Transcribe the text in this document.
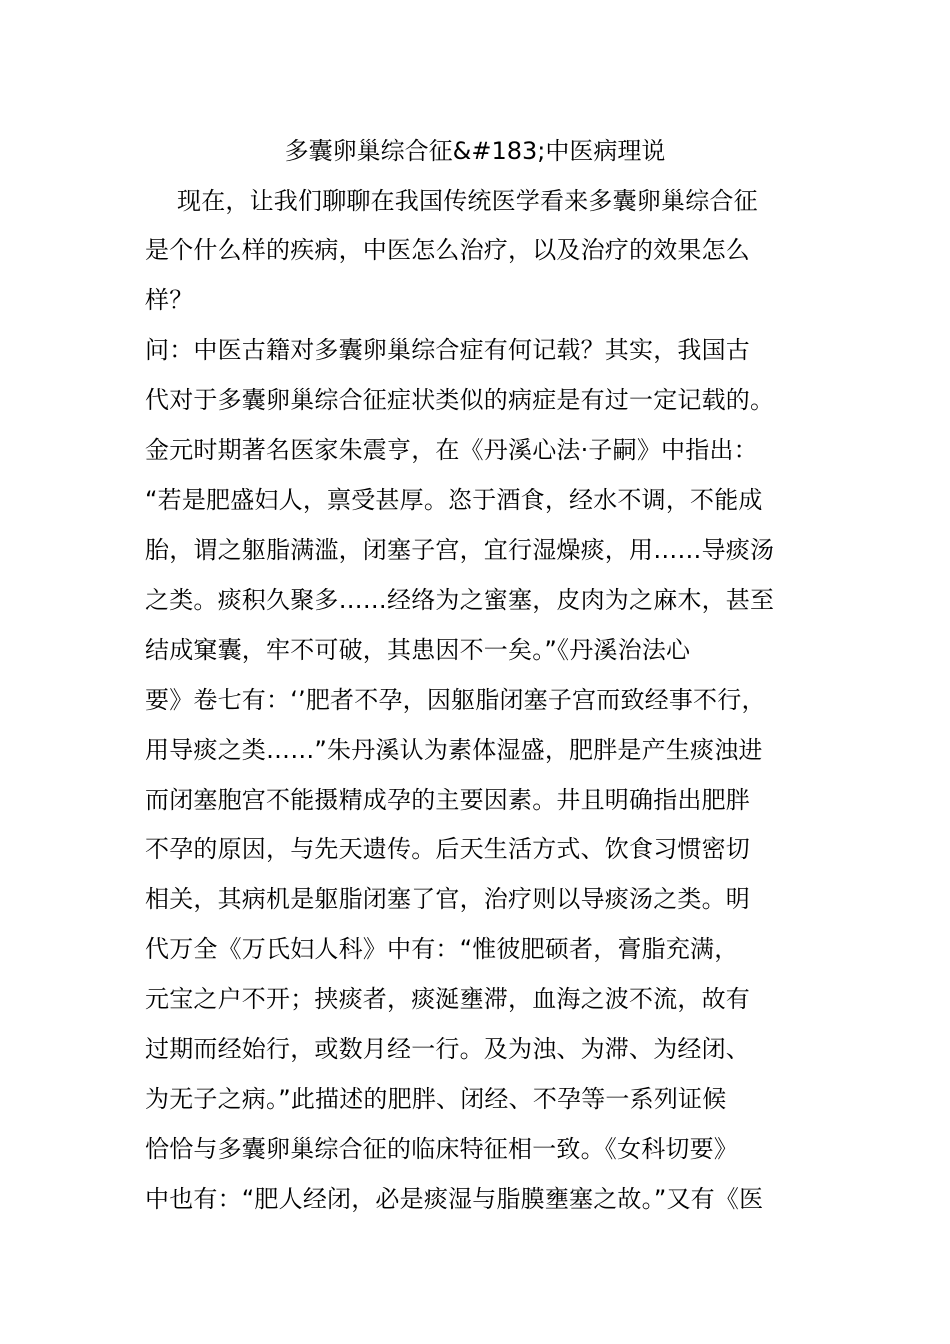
多囊卵巢综合征&#183;中医病理说
现在，让我们聊聊在我国传统医学看来多囊卵巢综合征
是个什么样的疾病，中医怎么治疗，以及治疗的效果怎么
样？
问：中医古籍对多囊卵巢综合症有何记载？其实，我国古
代对于多囊卵巢综合征症状类似的病症是有过一定记载的。
金元时期著名医家朱震亨，在《丹溪心法·子嗣》中指出：
“若是肥盛妇人，禀受甚厚。恣于酒食，经水不调，不能成
胎，谓之躯脂满滥，闭塞子宫，宜行湿燥痰，用……导痰汤
之类。痰积久聚多……经络为之蜜塞，皮肉为之麻木，甚至
结成窠囊，牢不可破，其患因不一矣。”《丹溪治法心
要》卷七有：‘’肥者不孕，因躯脂闭塞子宫而致经事不行，
用导痰之类……”朱丹溪认为素体湿盛，肥胖是产生痰浊进
而闭塞胞宫不能摄精成孕的主要因素。井且明确指出肥胖
不孕的原因，与先天遗传。后天生活方式、饮食习惯密切
相关，其病机是躯脂闭塞了官，治疗则以导痰汤之类。明
代万全《万氏妇人科》中有：“惟彼肥硕者，膏脂充满，
元宝之户不开；挟痰者，痰涎壅滞，血海之波不流，故有
过期而经始行，或数月经一行。及为浊、为滞、为经闭、
为无子之病。”此描述的肥胖、闭经、不孕等一系列证候
恰恰与多囊卵巢综合征的临床特征相一致。《女科切要》
中也有：“肥人经闭，必是痰湿与脂膜壅塞之故。”又有《医
